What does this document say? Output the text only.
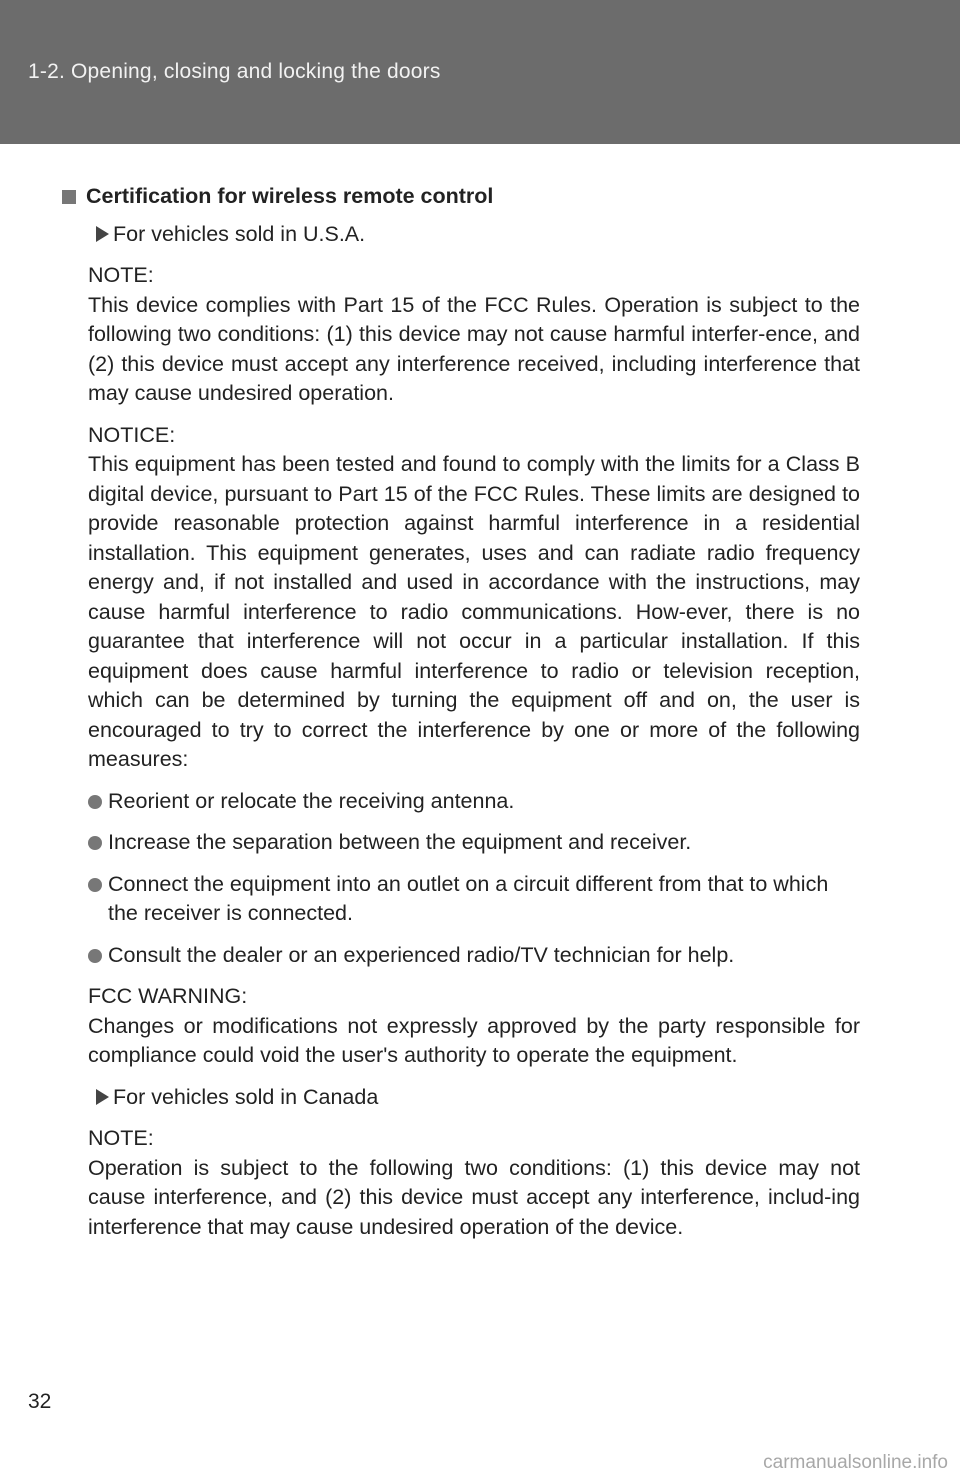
1-2. Opening, closing and locking the doors
Certification for wireless remote control
For vehicles sold in U.S.A.
NOTE:
This device complies with Part 15 of the FCC Rules. Operation is subject to the following two conditions: (1) this device may not cause harmful interfer-ence, and (2) this device must accept any interference received, including interference that may cause undesired operation.
NOTICE:
This equipment has been tested and found to comply with the limits for a Class B digital device, pursuant to Part 15 of the FCC Rules. These limits are designed to provide reasonable protection against harmful interference in a residential installation. This equipment generates, uses and can radiate radio frequency energy and, if not installed and used in accordance with the instructions, may cause harmful interference to radio communications. How-ever, there is no guarantee that interference will not occur in a particular installation. If this equipment does cause harmful interference to radio or television reception, which can be determined by turning the equipment off and on, the user is encouraged to try to correct the interference by one or more of the following measures:
Reorient or relocate the receiving antenna.
Increase the separation between the equipment and receiver.
Connect the equipment into an outlet on a circuit different from that to which the receiver is connected.
Consult the dealer or an experienced radio/TV technician for help.
FCC WARNING:
Changes or modifications not expressly approved by the party responsible for compliance could void the user's authority to operate the equipment.
For vehicles sold in Canada
NOTE:
Operation is subject to the following two conditions: (1) this device may not cause interference, and (2) this device must accept any interference, includ-ing interference that may cause undesired operation of the device.
32
carmanualsonline.info
